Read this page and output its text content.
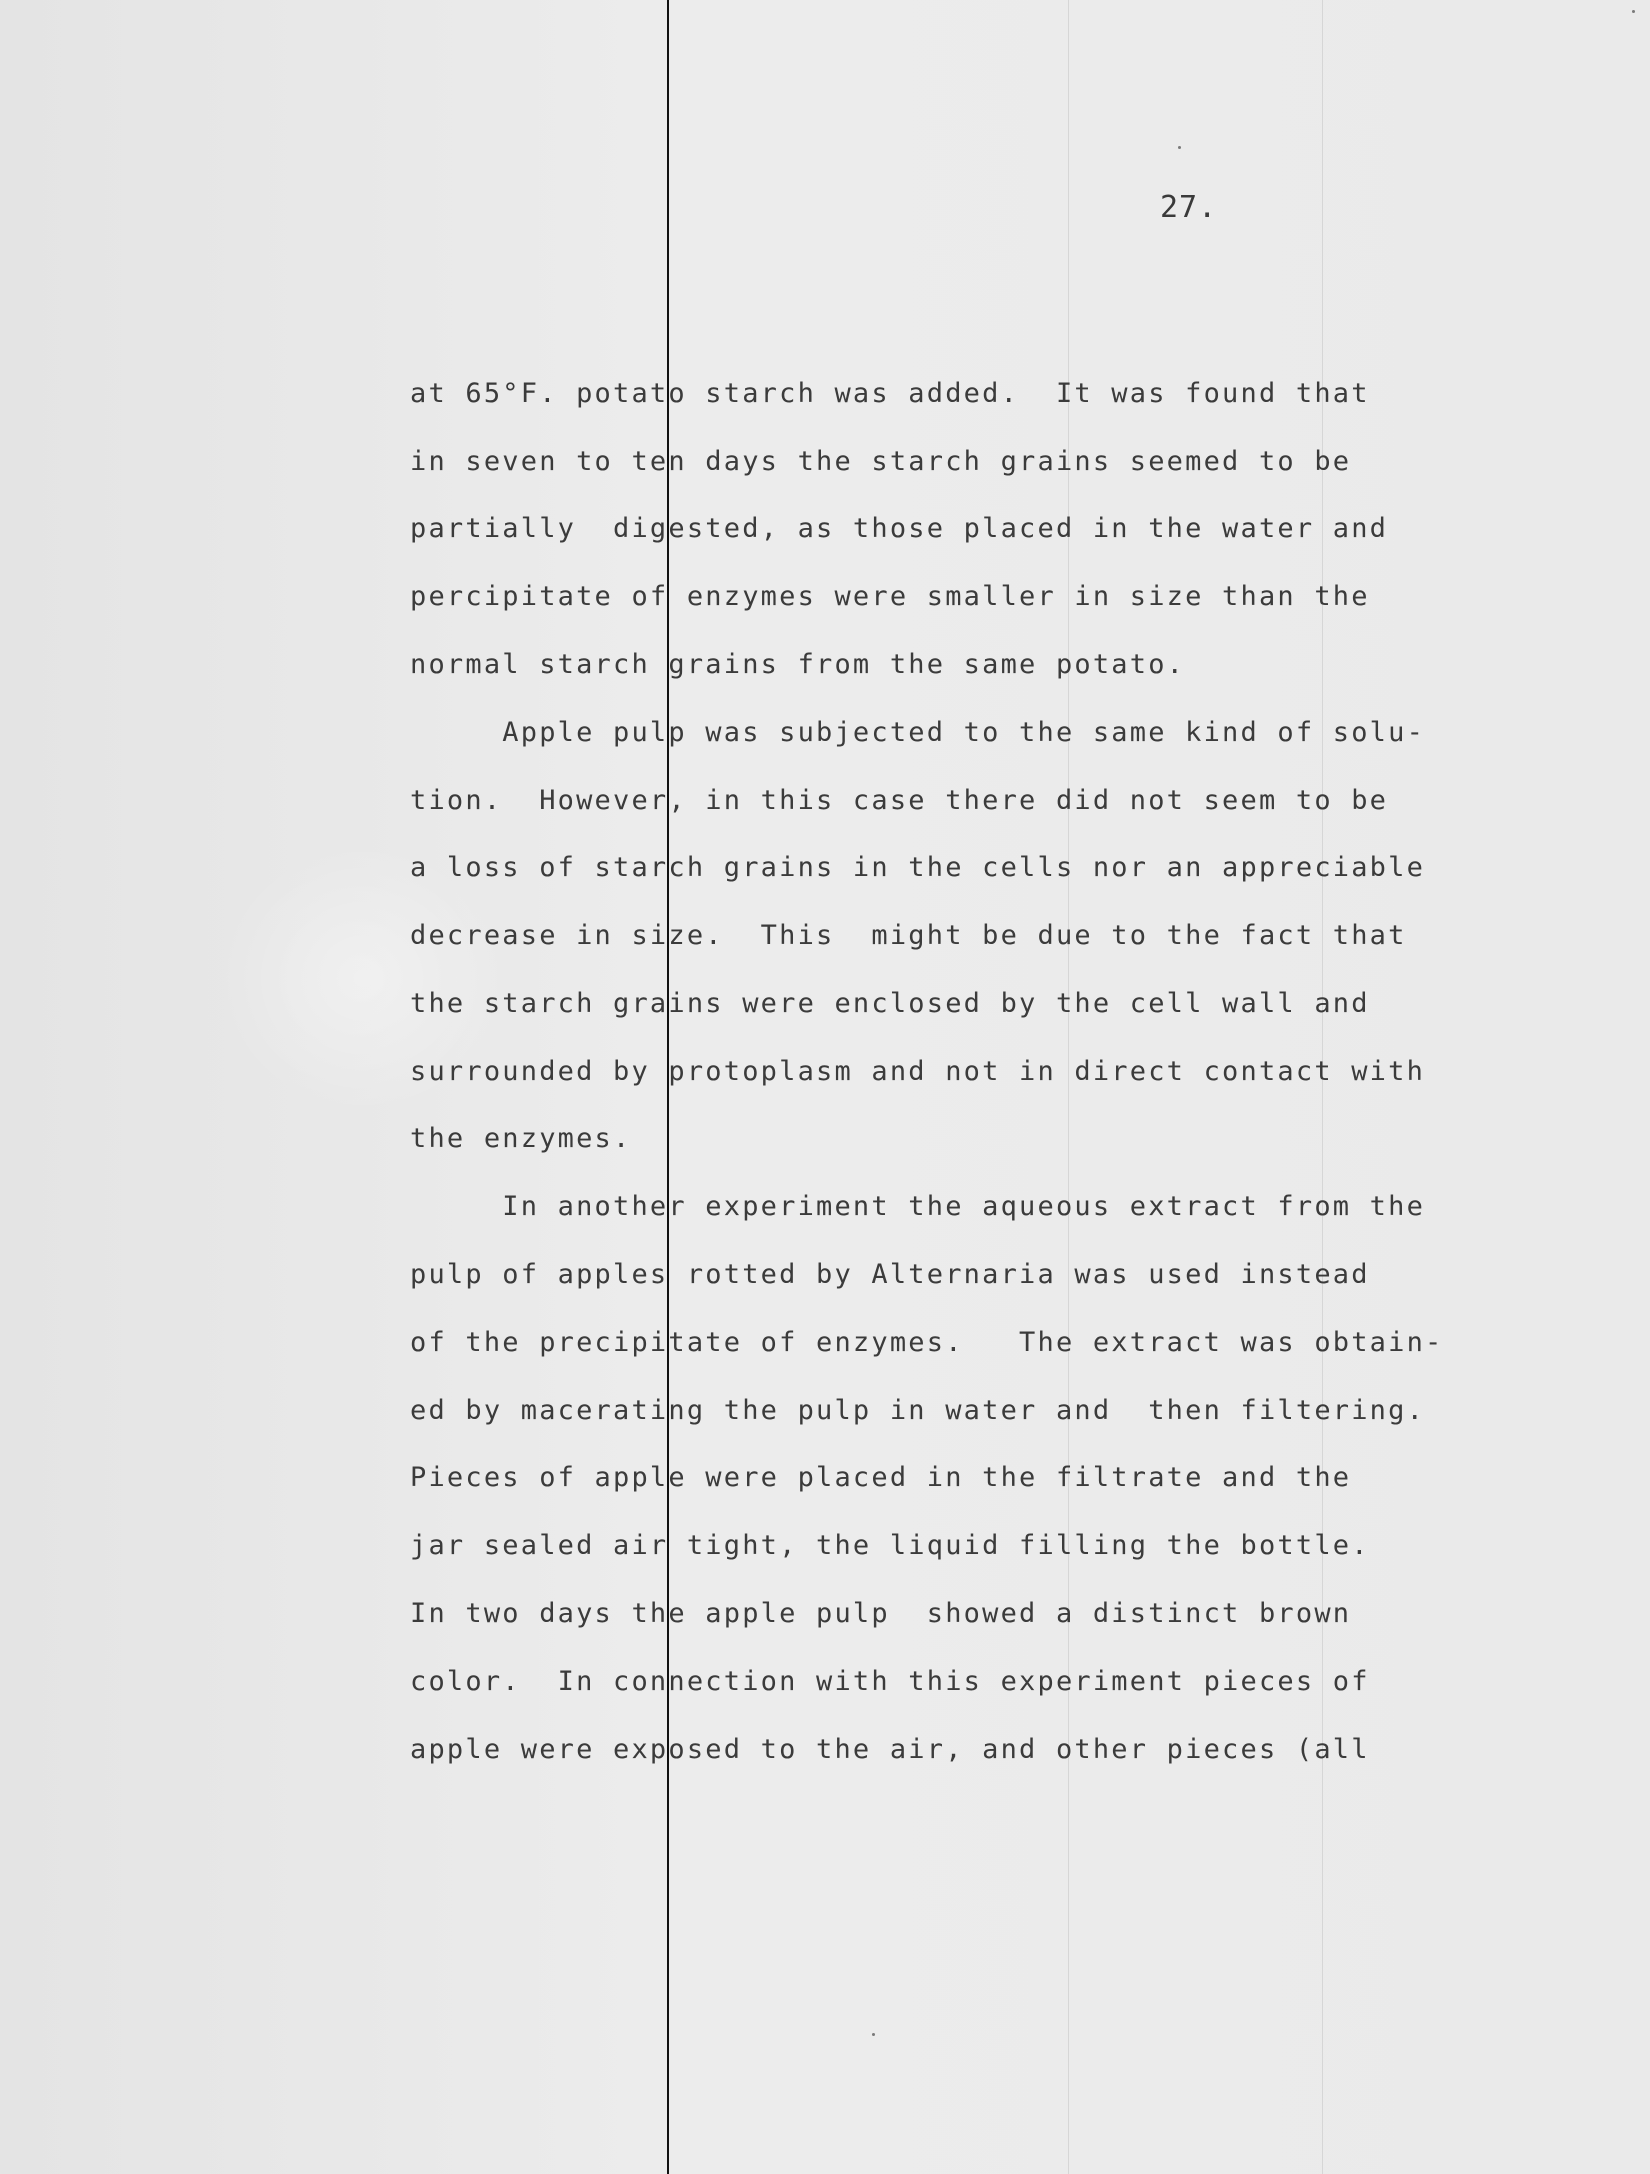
27.
at 65°F. potato starch was added.  It was found that
in seven to ten days the starch grains seemed to be
partially  digested, as those placed in the water and
percipitate of enzymes were smaller in size than the
normal starch grains from the same potato.
Apple pulp was subjected to the same kind of solu-
tion.  However, in this case there did not seem to be
a loss of starch grains in the cells nor an appreciable
decrease in size.  This  might be due to the fact that
the starch grains were enclosed by the cell wall and
surrounded by protoplasm and not in direct contact with
the enzymes.
In another experiment the aqueous extract from the
pulp of apples rotted by Alternaria was used instead
of the precipitate of enzymes.   The extract was obtain-
ed by macerating the pulp in water and  then filtering.
Pieces of apple were placed in the filtrate and the
jar sealed air tight, the liquid filling the bottle.
In two days the apple pulp  showed a distinct brown
color.  In connection with this experiment pieces of
apple were exposed to the air, and other pieces (all
